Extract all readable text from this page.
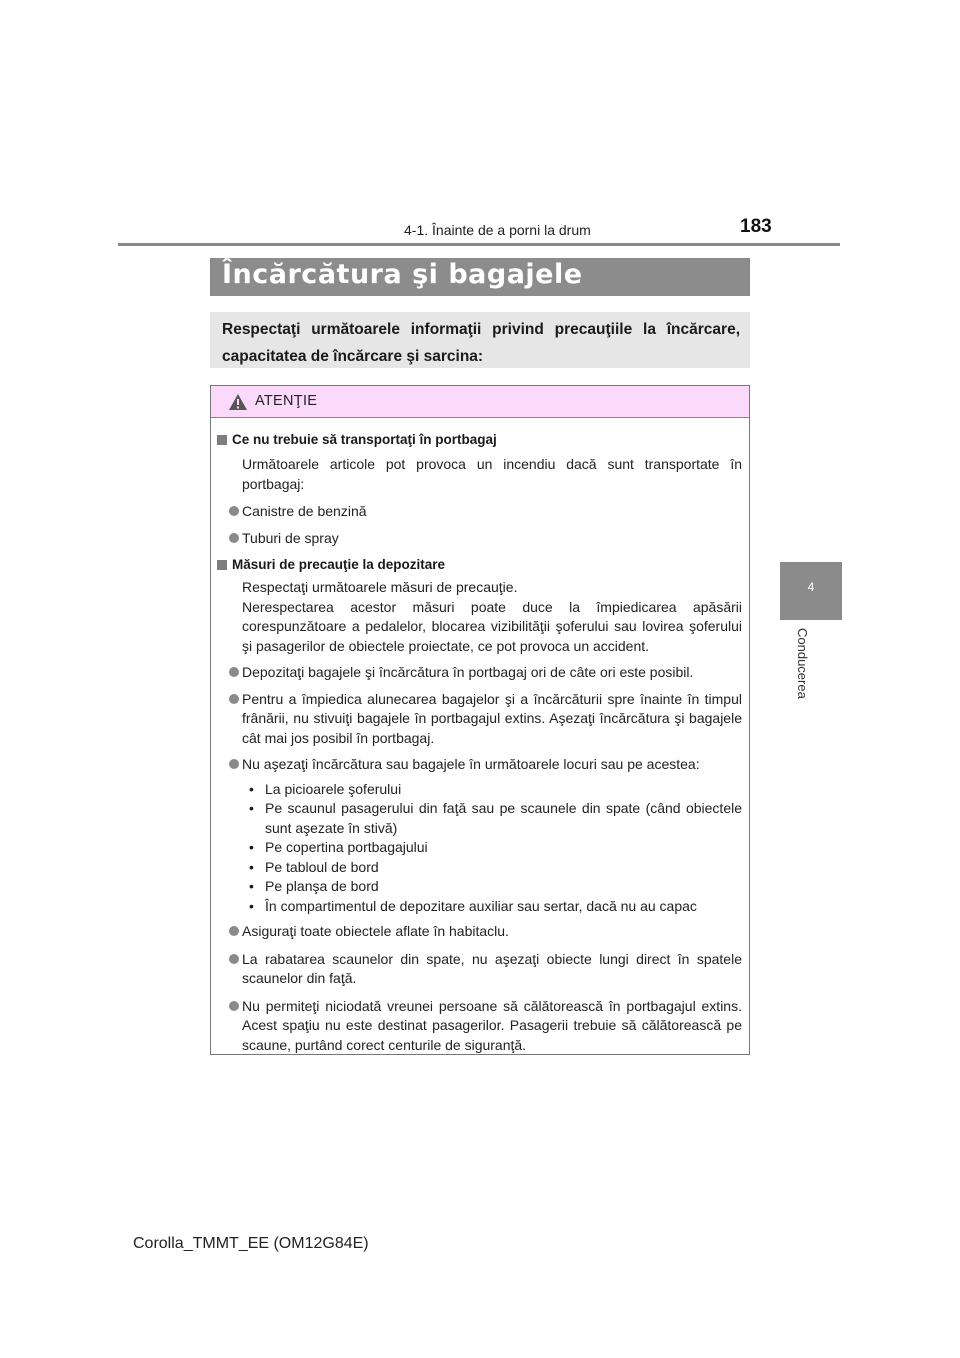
4-1. Înainte de a porni la drum	183
4
Conducerea
Încărcătura şi bagajele
Respectaţi următoarele informaţii privind precauţiile la încărcare, capacitatea de încărcare şi sarcina:
ATENŢIE
Ce nu trebuie să transportaţi în portbagaj
Următoarele articole pot provoca un incendiu dacă sunt transportate în portbagaj:
Canistre de benzină
Tuburi de spray
Măsuri de precauţie la depozitare
Respectaţi următoarele măsuri de precauţie.
Nerespectarea acestor măsuri poate duce la împiedicarea apăsării corespunzătoare a pedalelor, blocarea vizibilităţii şoferului sau lovirea şoferului şi pasagerilor de obiectele proiectate, ce pot provoca un accident.
Depozitaţi bagajele şi încărcătura în portbagaj ori de câte ori este posibil.
Pentru a împiedica alunecarea bagajelor şi a încărcăturii spre înainte în timpul frânării, nu stivuiţi bagajele în portbagajul extins. Aşezaţi încărcătura şi bagajele cât mai jos posibil în portbagaj.
Nu aşezaţi încărcătura sau bagajele în următoarele locuri sau pe acestea:
• La picioarele şoferului
• Pe scaunul pasagerului din faţă sau pe scaunele din spate (când obiectele sunt aşezate în stivă)
• Pe copertina portbagajului
• Pe tabloul de bord
• Pe planşa de bord
• În compartimentul de depozitare auxiliar sau sertar, dacă nu au capac
Asiguraţi toate obiectele aflate în habitaclu.
La rabatarea scaunelor din spate, nu aşezaţi obiecte lungi direct în spatele scaunelor din faţă.
Nu permiteţi niciodată vreunei persoane să călătorească în portbagajul extins. Acest spaţiu nu este destinat pasagerilor. Pasagerii trebuie să călătorească pe scaune, purtând corect centurile de siguranţă.
Corolla_TMMT_EE (OM12G84E)
